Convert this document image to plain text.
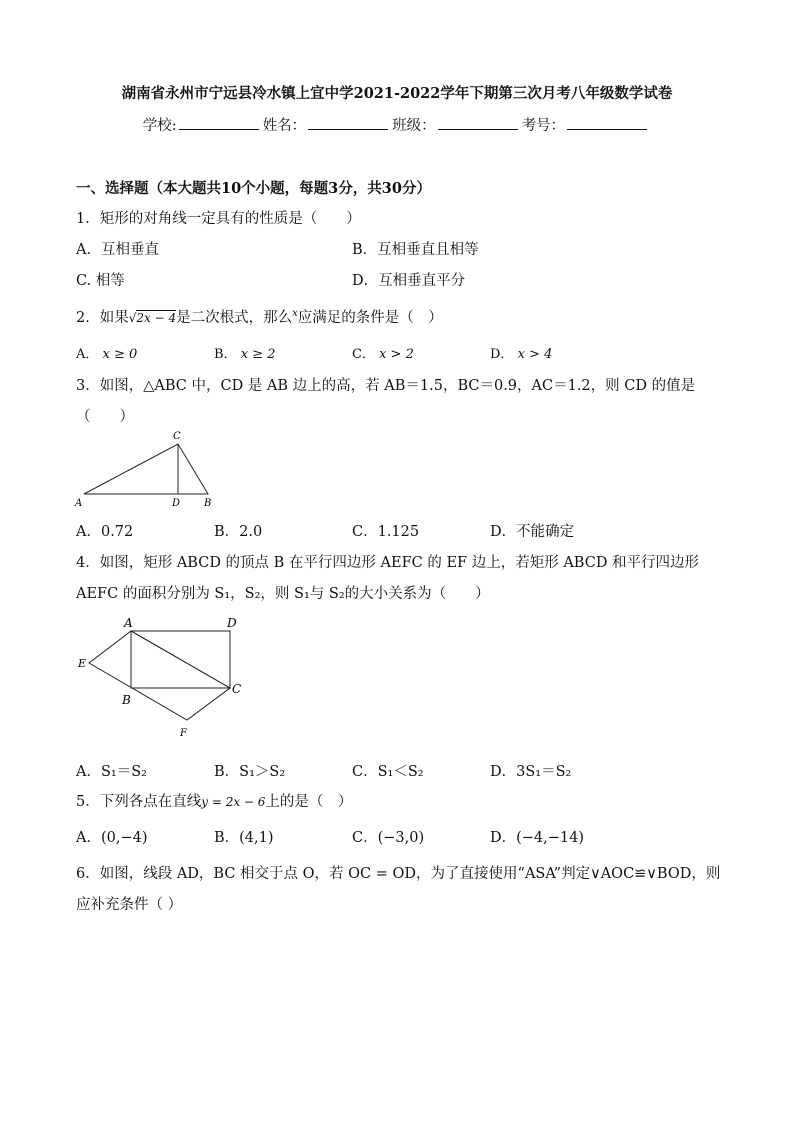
湖南省永州市宁远县冷水镇上宜中学2021-2022学年下期第三次月考八年级数学试卷
学校:	姓名：	班级：	考号：
一、选择题（本大题共10个小题，每题3分，共30分）
1．矩形的对角线一定具有的性质是（　　）
A．互相垂直	B．互相垂直且相等
C. 相等	D．互相垂直平分
2．如果√2x − 4是二次根式，那么$^x$应满足的条件是（　）
A． x ≥ 0	B． x ≥ 2	C． x > 2	D． x > 4
3．如图，△ABC 中，CD 是 AB 边上的高，若 AB＝1.5，BC＝0.9，AC＝1.2，则 CD 的值是
（　　）
A
C
D B
A．0.72	B．2.0	C．1.125	D．不能确定
4．如图，矩形 ABCD 的顶点 B 在平行四边形 AEFC 的 EF 边上，若矩形 ABCD 和平行四边形
AEFC 的面积分别为 S₁，S₂，则 S₁与 S₂的大小关系为（　　）
A	D
E
B
C
F
A．S₁＝S₂	B．S₁＞S₂	C．S₁＜S₂	D．3S₁＝S₂
5．下列各点在直线y = 2x − 6上的是（　）
A．(0,−4)	B．(4,1)	C．(−3,0)	D．(−4,−14)
6．如图，线段 AD，BC 相交于点 O，若 OC = OD，为了直接使用“ASA”判定∨AOC≌∨BOD，则
应补充条件（ ）
